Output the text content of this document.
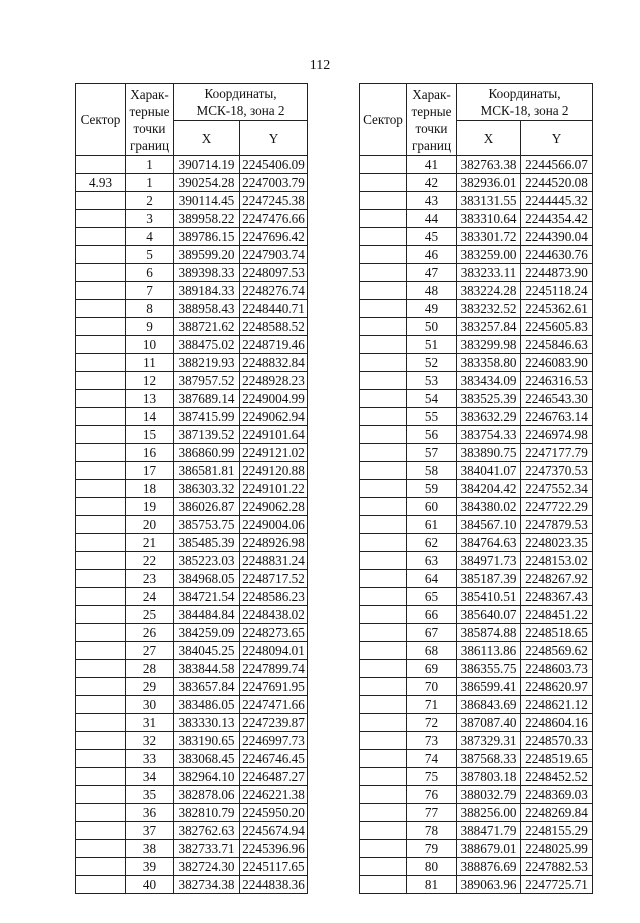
112
Сектор	Харак-
терные
точки
границ	Координаты,
МСК-18, зона 2	
		X	Y
	1	390714.19	2245406.09
4.93	1	390254.28	2247003.79
	2	390114.45	2247245.38
	3	389958.22	2247476.66
	4	389786.15	2247696.42
	5	389599.20	2247903.74
	6	389398.33	2248097.53
	7	389184.33	2248276.74
	8	388958.43	2248440.71
	9	388721.62	2248588.52
	10	388475.02	2248719.46
	11	388219.93	2248832.84
	12	387957.52	2248928.23
	13	387689.14	2249004.99
	14	387415.99	2249062.94
	15	387139.52	2249101.64
	16	386860.99	2249121.02
	17	386581.81	2249120.88
	18	386303.32	2249101.22
	19	386026.87	2249062.28
	20	385753.75	2249004.06
	21	385485.39	2248926.98
	22	385223.03	2248831.24
	23	384968.05	2248717.52
	24	384721.54	2248586.23
	25	384484.84	2248438.02
	26	384259.09	2248273.65
	27	384045.25	2248094.01
	28	383844.58	2247899.74
	29	383657.84	2247691.95
	30	383486.05	2247471.66
	31	383330.13	2247239.87
	32	383190.65	2246997.73
	33	383068.45	2246746.45
	34	382964.10	2246487.27
	35	382878.06	2246221.38
	36	382810.79	2245950.20
	37	382762.63	2245674.94
	38	382733.71	2245396.96
	39	382724.30	2245117.65
	40	382734.38	2244838.36
Сектор	Харак-
терные
точки
границ	Координаты,
МСК-18, зона 2	
		X	Y
	41	382763.38	2244566.07
	42	382936.01	2244520.08
	43	383131.55	2244445.32
	44	383310.64	2244354.42
	45	383301.72	2244390.04
	46	383259.00	2244630.76
	47	383233.11	2244873.90
	48	383224.28	2245118.24
	49	383232.52	2245362.61
	50	383257.84	2245605.83
	51	383299.98	2245846.63
	52	383358.80	2246083.90
	53	383434.09	2246316.53
	54	383525.39	2246543.30
	55	383632.29	2246763.14
	56	383754.33	2246974.98
	57	383890.75	2247177.79
	58	384041.07	2247370.53
	59	384204.42	2247552.34
	60	384380.02	2247722.29
	61	384567.10	2247879.53
	62	384764.63	2248023.35
	63	384971.73	2248153.02
	64	385187.39	2248267.92
	65	385410.51	2248367.43
	66	385640.07	2248451.22
	67	385874.88	2248518.65
	68	386113.86	2248569.62
	69	386355.75	2248603.73
	70	386599.41	2248620.97
	71	386843.69	2248621.12
	72	387087.40	2248604.16
	73	387329.31	2248570.33
	74	387568.33	2248519.65
	75	387803.18	2248452.52
	76	388032.79	2248369.03
	77	388256.00	2248269.84
	78	388471.79	2248155.29
	79	388679.01	2248025.99
	80	388876.69	2247882.53
	81	389063.96	2247725.71
